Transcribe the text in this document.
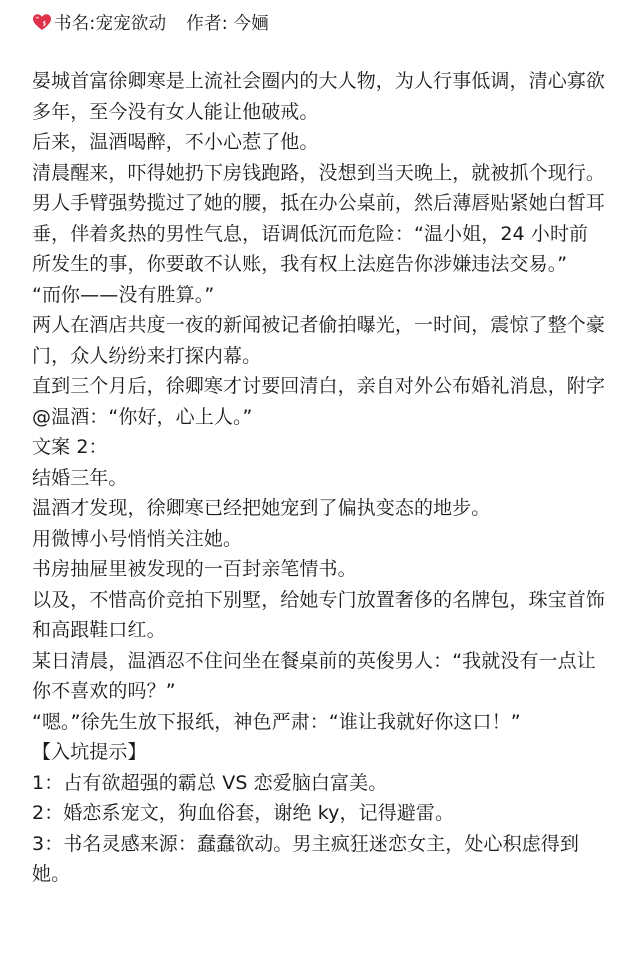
书名:宠宠欲动 作者: 今婳

晏城首富徐卿寒是上流社会圈内的大人物，为人行事低调，清心寡欲多年，至今没有女人能让他破戒。

后来，温酒喝醉，不小心惹了他。

清晨醒来，吓得她扔下房钱跑路，没想到当天晚上，就被抓个现行。

男人手臂强势揽过了她的腰，抵在办公桌前，然后薄唇贴紧她白皙耳垂，伴着炙热的男性气息，语调低沉而危险：“温小姐，24 小时前所发生的事，你要敢不认账，我有权上法庭告你涉嫌违法交易。”

“而你——没有胜算。”

两人在酒店共度一夜的新闻被记者偷拍曝光，一时间，震惊了整个豪门，众人纷纷来打探内幕。

直到三个月后，徐卿寒才讨要回清白，亲自对外公布婚礼消息，附字@温酒：“你好，心上人。”

文案 2：

结婚三年。

温酒才发现，徐卿寒已经把她宠到了偏执变态的地步。

用微博小号悄悄关注她。

书房抽屉里被发现的一百封亲笔情书。

以及，不惜高价竞拍下别墅，给她专门放置奢侈的名牌包，珠宝首饰和高跟鞋口红。

某日清晨，温酒忍不住问坐在餐桌前的英俊男人：“我就没有一点让你不喜欢的吗？”

“嗯。”徐先生放下报纸，神色严肃：“谁让我就好你这口！”

【入坑提示】

1：占有欲超强的霸总 VS 恋爱脑白富美。

2：婚恋系宠文，狗血俗套，谢绝 ky，记得避雷。

3：书名灵感来源：蠢蠢欲动。男主疯狂迷恋女主，处心积虑得到她。
